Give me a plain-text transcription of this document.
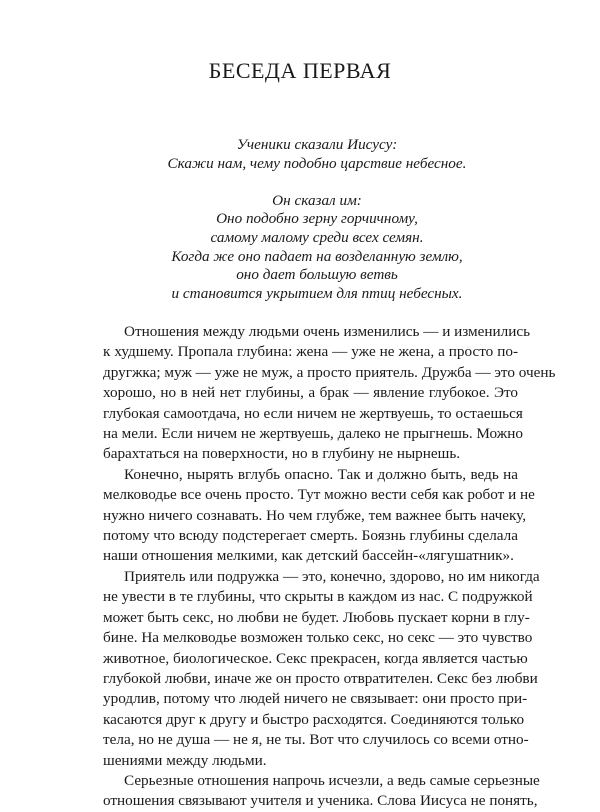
БЕСЕДА ПЕРВАЯ

Ученики сказали Иисусу:
Скажи нам, чему подобно царствие небесное.

Он сказал им:
Оно подобно зерну горчичному,
самому малому среди всех семян.
Когда же оно падает на возделанную землю,
оно дает большую ветвь
и становится укрытием для птиц небесных.

Отношения между людьми очень изменились — и изменились
к худшему. Пропала глубина: жена — уже не жена, а просто по-
другжка; муж — уже не муж, а просто приятель. Дружба — это очень
хорошо, но в ней нет глубины, а брак — явление глубокое. Это
глубокая самоотдача, но если ничем не жертвуешь, то остаешься
на мели. Если ничем не жертвуешь, далеко не прыгнешь. Можно
барахтаться на поверхности, но в глубину не нырнешь.
Конечно, нырять вглубь опасно. Так и должно быть, ведь на
мелководье все очень просто. Тут можно вести себя как робот и не
нужно ничего сознавать. Но чем глубже, тем важнее быть начеку,
потому что всюду подстерегает смерть. Боязнь глубины сделала
наши отношения мелкими, как детский бассейн-«лягушатник».
Приятель или подружка — это, конечно, здорово, но им никогда
не увести в те глубины, что скрыты в каждом из нас. С подружкой
может быть секс, но любви не будет. Любовь пускает корни в глу-
бине. На мелководье возможен только секс, но секс — это чувство
животное, биологическое. Секс прекрасен, когда является частью
глубокой любви, иначе же он просто отвратителен. Секс без любви
уродлив, потому что людей ничего не связывает: они просто при-
касаются друг к другу и быстро расходятся. Соединяются только
тела, но не душа — не я, не ты. Вот что случилось со всеми отно-
шениями между людьми.
Серьезные отношения напрочь исчезли, а ведь самые серьезные
отношения связывают учителя и ученика. Слова Иисуса не понять,
